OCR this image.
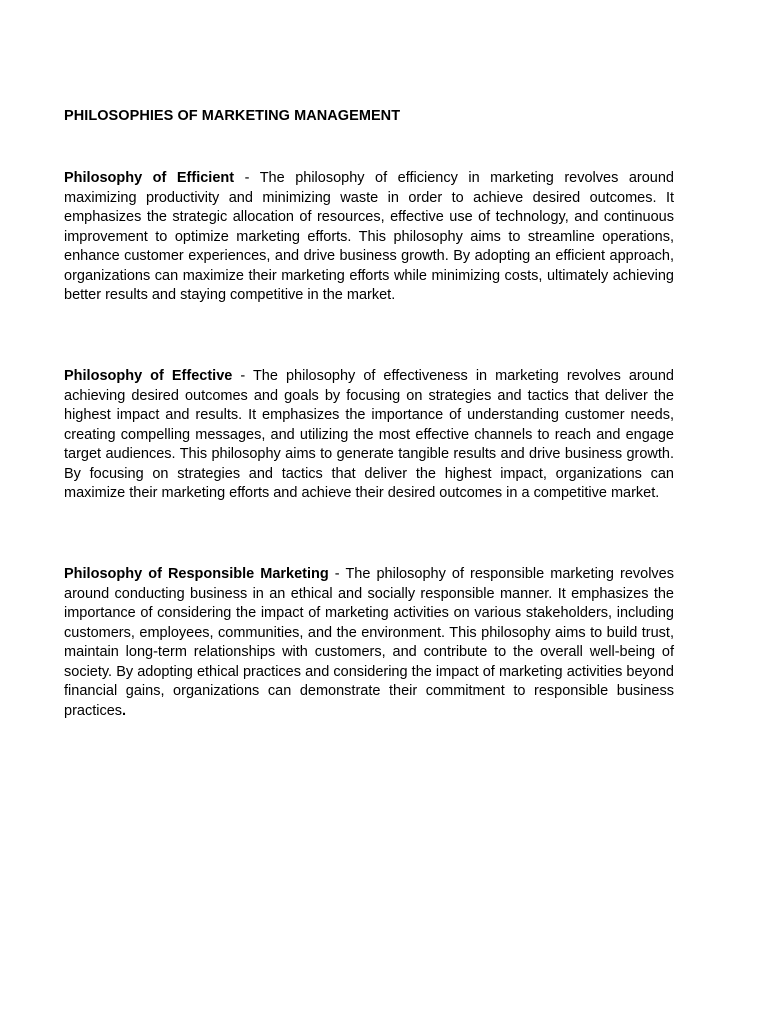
PHILOSOPHIES OF MARKETING MANAGEMENT

Philosophy of Efficient - The philosophy of efficiency in marketing revolves around maximizing productivity and minimizing waste in order to achieve desired outcomes. It emphasizes the strategic allocation of resources, effective use of technology, and continuous improvement to optimize marketing efforts. This philosophy aims to streamline operations, enhance customer experiences, and drive business growth. By adopting an efficient approach, organizations can maximize their marketing efforts while minimizing costs, ultimately achieving better results and staying competitive in the market.

Philosophy of Effective - The philosophy of effectiveness in marketing revolves around achieving desired outcomes and goals by focusing on strategies and tactics that deliver the highest impact and results. It emphasizes the importance of understanding customer needs, creating compelling messages, and utilizing the most effective channels to reach and engage target audiences. This philosophy aims to generate tangible results and drive business growth. By focusing on strategies and tactics that deliver the highest impact, organizations can maximize their marketing efforts and achieve their desired outcomes in a competitive market.

Philosophy of Responsible Marketing - The philosophy of responsible marketing revolves around conducting business in an ethical and socially responsible manner. It emphasizes the importance of considering the impact of marketing activities on various stakeholders, including customers, employees, communities, and the environment. This philosophy aims to build trust, maintain long-term relationships with customers, and contribute to the overall well-being of society. By adopting ethical practices and considering the impact of marketing activities beyond financial gains, organizations can demonstrate their commitment to responsible business practices.
